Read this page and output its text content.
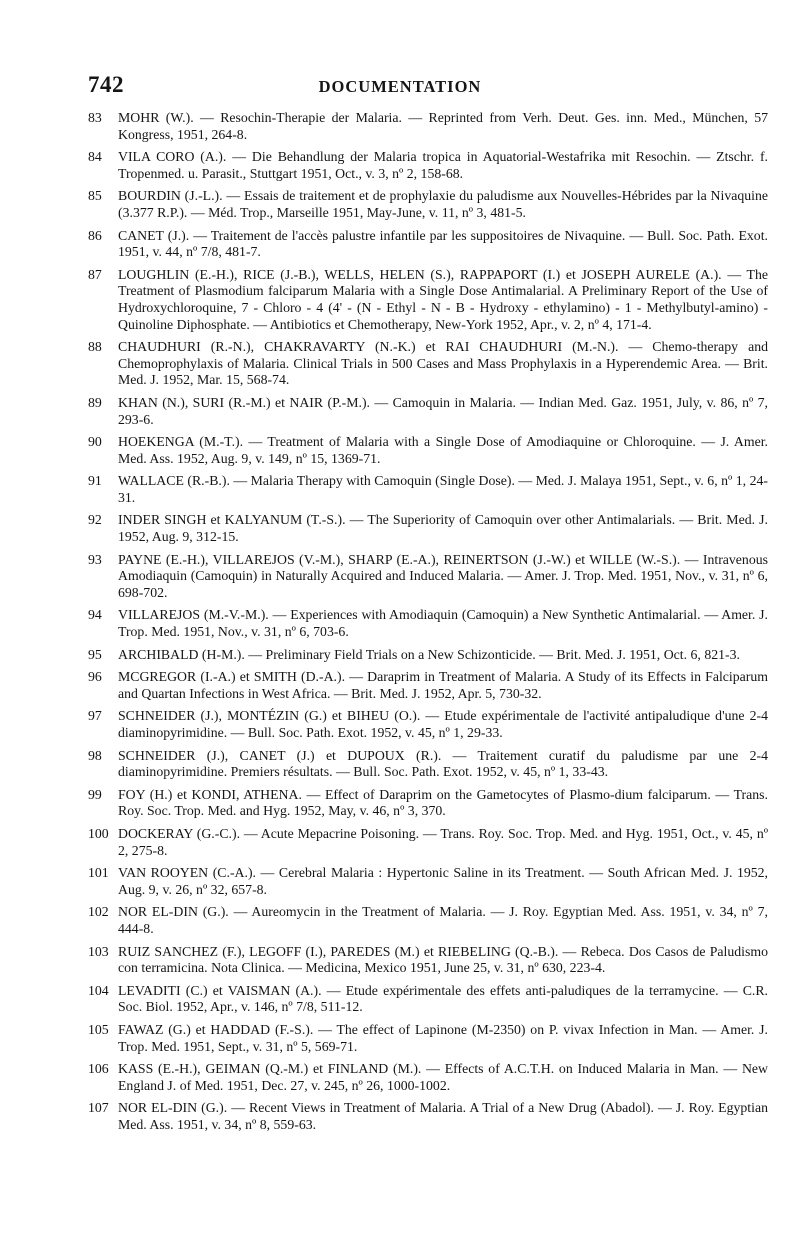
742	DOCUMENTATION
83 MOHR (W.). — Resochin-Therapie der Malaria. — Reprinted from Verh. Deut. Ges. inn. Med., München, 57 Kongress, 1951, 264-8.
84 VILA CORO (A.). — Die Behandlung der Malaria tropica in Aquatorial-Westafrika mit Resochin. — Ztschr. f. Tropenmed. u. Parasit., Stuttgart 1951, Oct., v. 3, nº 2, 158-68.
85 BOURDIN (J.-L.). — Essais de traitement et de prophylaxie du paludisme aux Nouvelles-Hébrides par la Nivaquine (3.377 R.P.). — Méd. Trop., Marseille 1951, May-June, v. 11, nº 3, 481-5.
86 CANET (J.). — Traitement de l'accès palustre infantile par les suppositoires de Nivaquine. — Bull. Soc. Path. Exot. 1951, v. 44, nº 7/8, 481-7.
87 LOUGHLIN (E.-H.), RICE (J.-B.), WELLS, HELEN (S.), RAPPAPORT (I.) et JOSEPH AURELE (A.). — The Treatment of Plasmodium falciparum Malaria with a Single Dose Antimalarial. A Preliminary Report of the Use of Hydroxychloroquine, 7 - Chloro - 4 (4' - (N - Ethyl - N - B - Hydroxy - ethylamino) - 1 - Methylbutyl-amino) - Quinoline Diphosphate. — Antibiotics et Chemotherapy, New-York 1952, Apr., v. 2, nº 4, 171-4.
88 CHAUDHURI (R.-N.), CHAKRAVARTY (N.-K.) et RAI CHAUDHURI (M.-N.). — Chemo-therapy and Chemoprophylaxis of Malaria. Clinical Trials in 500 Cases and Mass Prophylaxis in a Hyperendemic Area. — Brit. Med. J. 1952, Mar. 15, 568-74.
89 KHAN (N.), SURI (R.-M.) et NAIR (P.-M.). — Camoquin in Malaria. — Indian Med. Gaz. 1951, July, v. 86, nº 7, 293-6.
90 HOEKENGA (M.-T.). — Treatment of Malaria with a Single Dose of Amodiaquine or Chloroquine. — J. Amer. Med. Ass. 1952, Aug. 9, v. 149, nº 15, 1369-71.
91 WALLACE (R.-B.). — Malaria Therapy with Camoquin (Single Dose). — Med. J. Malaya 1951, Sept., v. 6, nº 1, 24-31.
92 INDER SINGH et KALYANUM (T.-S.). — The Superiority of Camoquin over other Antimalarials. — Brit. Med. J. 1952, Aug. 9, 312-15.
93 PAYNE (E.-H.), VILLAREJOS (V.-M.), SHARP (E.-A.), REINERTSON (J.-W.) et WILLE (W.-S.). — Intravenous Amodiaquin (Camoquin) in Naturally Acquired and Induced Malaria. — Amer. J. Trop. Med. 1951, Nov., v. 31, nº 6, 698-702.
94 VILLAREJOS (M.-V.-M.). — Experiences with Amodiaquin (Camoquin) a New Synthetic Antimalarial. — Amer. J. Trop. Med. 1951, Nov., v. 31, nº 6, 703-6.
95 ARCHIBALD (H-M.). — Preliminary Field Trials on a New Schizonticide. — Brit. Med. J. 1951, Oct. 6, 821-3.
96 MCGREGOR (I.-A.) et SMITH (D.-A.). — Daraprim in Treatment of Malaria. A Study of its Effects in Falciparum and Quartan Infections in West Africa. — Brit. Med. J. 1952, Apr. 5, 730-32.
97 SCHNEIDER (J.), MONTÉZIN (G.) et BIHEU (O.). — Etude expérimentale de l'activité antipaludique d'une 2-4 diaminopyrimidine. — Bull. Soc. Path. Exot. 1952, v. 45, nº 1, 29-33.
98 SCHNEIDER (J.), CANET (J.) et DUPOUX (R.). — Traitement curatif du paludisme par une 2-4 diaminopyrimidine. Premiers résultats. — Bull. Soc. Path. Exot. 1952, v. 45, nº 1, 33-43.
99 FOY (H.) et KONDI, ATHENA. — Effect of Daraprim on the Gametocytes of Plasmo-dium falciparum. — Trans. Roy. Soc. Trop. Med. and Hyg. 1952, May, v. 46, nº 3, 370.
100 DOCKERAY (G.-C.). — Acute Mepacrine Poisoning. — Trans. Roy. Soc. Trop. Med. and Hyg. 1951, Oct., v. 45, nº 2, 275-8.
101 VAN ROOYEN (C.-A.). — Cerebral Malaria : Hypertonic Saline in its Treatment. — South African Med. J. 1952, Aug. 9, v. 26, nº 32, 657-8.
102 NOR EL-DIN (G.). — Aureomycin in the Treatment of Malaria. — J. Roy. Egyptian Med. Ass. 1951, v. 34, nº 7, 444-8.
103 RUIZ SANCHEZ (F.), LEGOFF (I.), PAREDES (M.) et RIEBELING (Q.-B.). — Rebeca. Dos Casos de Paludismo con terramicina. Nota Clinica. — Medicina, Mexico 1951, June 25, v. 31, nº 630, 223-4.
104 LEVADITI (C.) et VAISMAN (A.). — Etude expérimentale des effets anti-paludiques de la terramycine. — C.R. Soc. Biol. 1952, Apr., v. 146, nº 7/8, 511-12.
105 FAWAZ (G.) et HADDAD (F.-S.). — The effect of Lapinone (M-2350) on P. vivax Infection in Man. — Amer. J. Trop. Med. 1951, Sept., v. 31, nº 5, 569-71.
106 KASS (E.-H.), GEIMAN (Q.-M.) et FINLAND (M.). — Effects of A.C.T.H. on Induced Malaria in Man. — New England J. of Med. 1951, Dec. 27, v. 245, nº 26, 1000-1002.
107 NOR EL-DIN (G.). — Recent Views in Treatment of Malaria. A Trial of a New Drug (Abadol). — J. Roy. Egyptian Med. Ass. 1951, v. 34, nº 8, 559-63.
